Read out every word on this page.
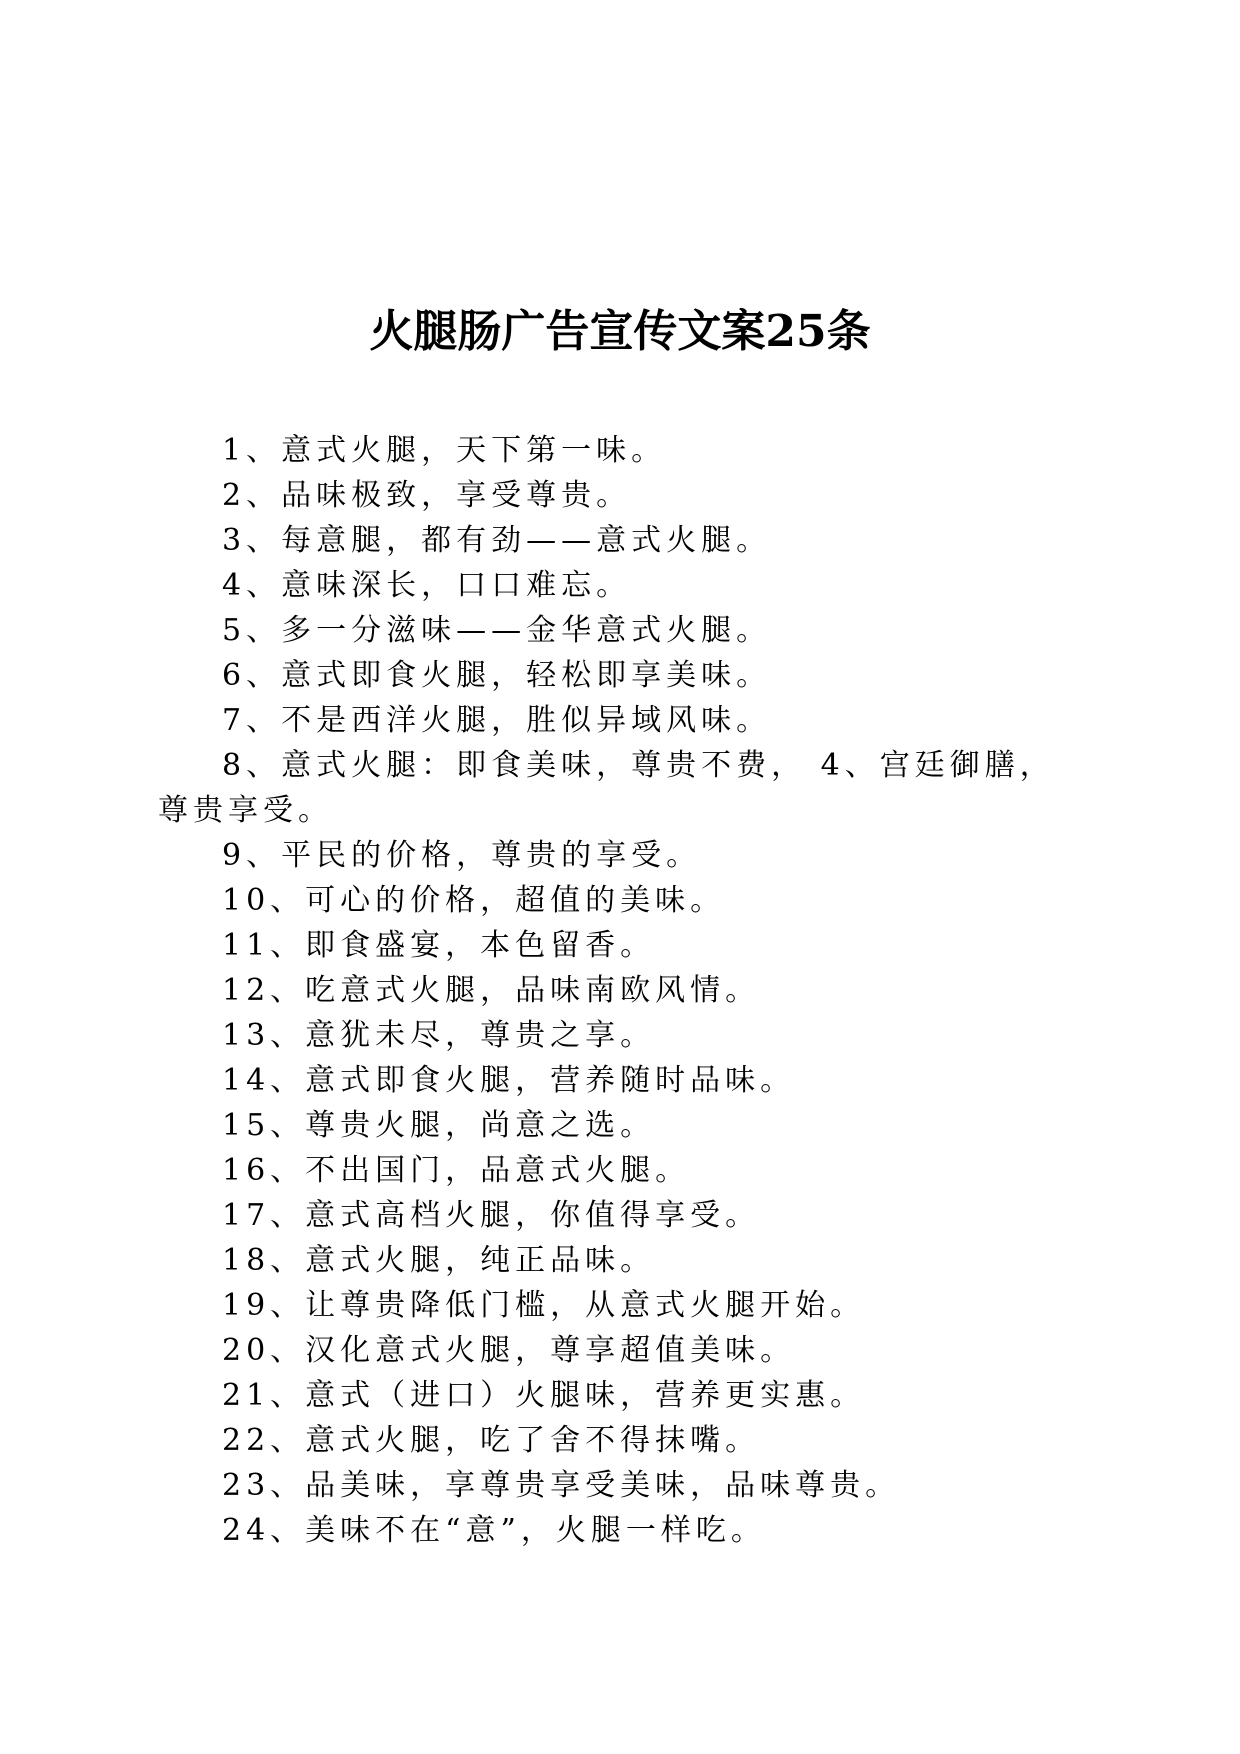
火腿肠广告宣传文案25条
1、意式火腿，天下第一味。
2、品味极致，享受尊贵。
3、每意腿，都有劲——意式火腿。
4、意味深长，口口难忘。
5、多一分滋味——金华意式火腿。
6、意式即食火腿，轻松即享美味。
7、不是西洋火腿，胜似异域风味。
8、意式火腿：即食美味，尊贵不费， 4、宫廷御膳，尊贵享受。
9、平民的价格，尊贵的享受。
10、可心的价格，超值的美味。
11、即食盛宴，本色留香。
12、吃意式火腿，品味南欧风情。
13、意犹未尽，尊贵之享。
14、意式即食火腿，营养随时品味。
15、尊贵火腿，尚意之选。
16、不出国门，品意式火腿。
17、意式高档火腿，你值得享受。
18、意式火腿，纯正品味。
19、让尊贵降低门槛，从意式火腿开始。
20、汉化意式火腿，尊享超值美味。
21、意式（进口）火腿味，营养更实惠。
22、意式火腿，吃了舍不得抹嘴。
23、品美味，享尊贵享受美味，品味尊贵。
24、美味不在“意”，火腿一样吃。
